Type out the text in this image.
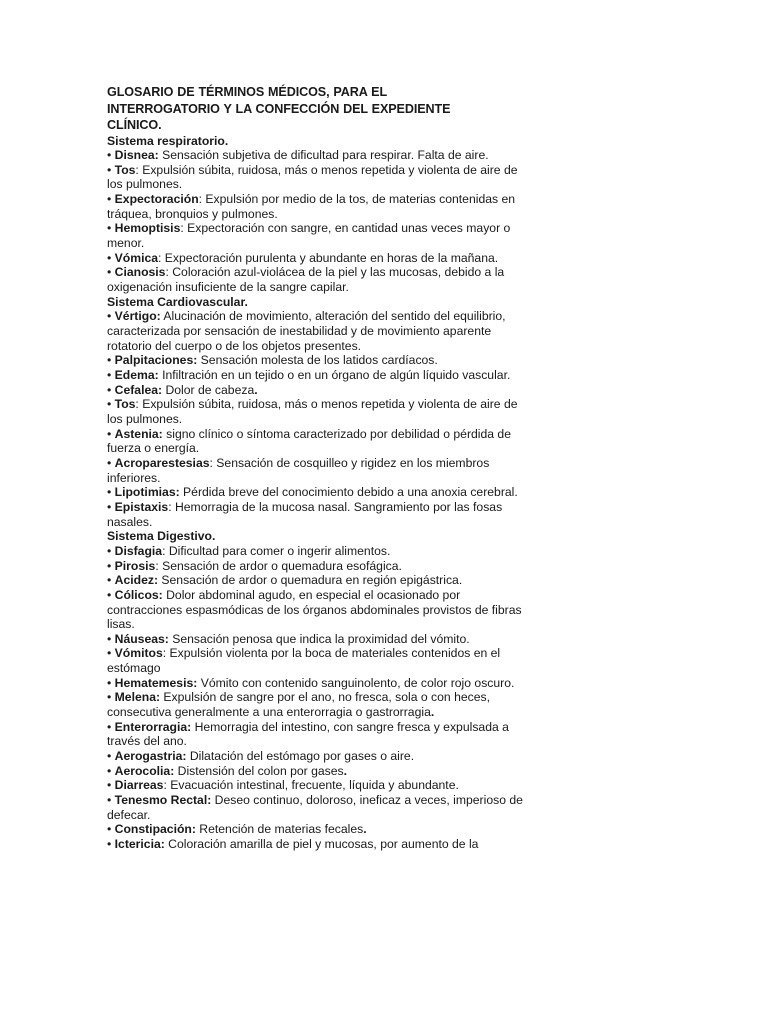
GLOSARIO DE TÉRMINOS MÉDICOS, PARA EL

INTERROGATORIO Y LA CONFECCIÓN DEL EXPEDIENTE

CLÍNICO.

Sistema respiratorio.

• Disnea: Sensación subjetiva de dificultad para respirar. Falta de aire.

• Tos: Expulsión súbita, ruidosa, más o menos repetida y violenta de aire de los pulmones.

• Expectoración: Expulsión por medio de la tos, de materias contenidas en tráquea, bronquios y pulmones.

• Hemoptisis: Expectoración con sangre, en cantidad unas veces mayor o menor.

• Vómica: Expectoración purulenta y abundante en horas de la mañana.

• Cianosis: Coloración azul-violácea de la piel y las mucosas, debido a la oxigenación insuficiente de la sangre capilar.

Sistema Cardiovascular.

• Vértigo: Alucinación de movimiento, alteración del sentido del equilibrio, caracterizada por sensación de inestabilidad y de movimiento aparente rotatorio del cuerpo o de los objetos presentes.

• Palpitaciones: Sensación molesta de los latidos cardíacos.

• Edema: Infiltración en un tejido o en un órgano de algún líquido vascular.

• Cefalea: Dolor de cabeza.

• Tos: Expulsión súbita, ruidosa, más o menos repetida y violenta de aire de los pulmones.

• Astenia: signo clínico o síntoma caracterizado por debilidad o pérdida de fuerza o energía.

• Acroparestesias: Sensación de cosquilleo y rigidez en los miembros inferiores.

• Lipotimias: Pérdida breve del conocimiento debido a una anoxia cerebral.

• Epistaxis: Hemorragia de la mucosa nasal. Sangramiento por las fosas nasales.

Sistema Digestivo.

• Disfagia: Dificultad para comer o ingerir alimentos.

• Pirosis: Sensación de ardor o quemadura esofágica.

• Acidez: Sensación de ardor o quemadura en región epigástrica.

• Cólicos: Dolor abdominal agudo, en especial el ocasionado por contracciones espasmódicas de los órganos abdominales provistos de fibras lisas.

• Náuseas: Sensación penosa que indica la proximidad del vómito.

• Vómitos: Expulsión violenta por la boca de materiales contenidos en el estómago

• Hematemesis: Vómito con contenido sanguinolento, de color rojo oscuro.

• Melena: Expulsión de sangre por el ano, no fresca, sola o con heces, consecutiva generalmente a una enterorragia o gastrorragia.

• Enterorragia: Hemorragia del intestino, con sangre fresca y expulsada a través del ano.

• Aerogastria: Dilatación del estómago por gases o aire.

• Aerocolia: Distensión del colon por gases.

• Diarreas: Evacuación intestinal, frecuente, líquida y abundante.

• Tenesmo Rectal: Deseo continuo, doloroso, ineficaz a veces, imperioso de defecar.

• Constipación: Retención de materias fecales.

• Ictericia: Coloración amarilla de piel y mucosas, por aumento de la
